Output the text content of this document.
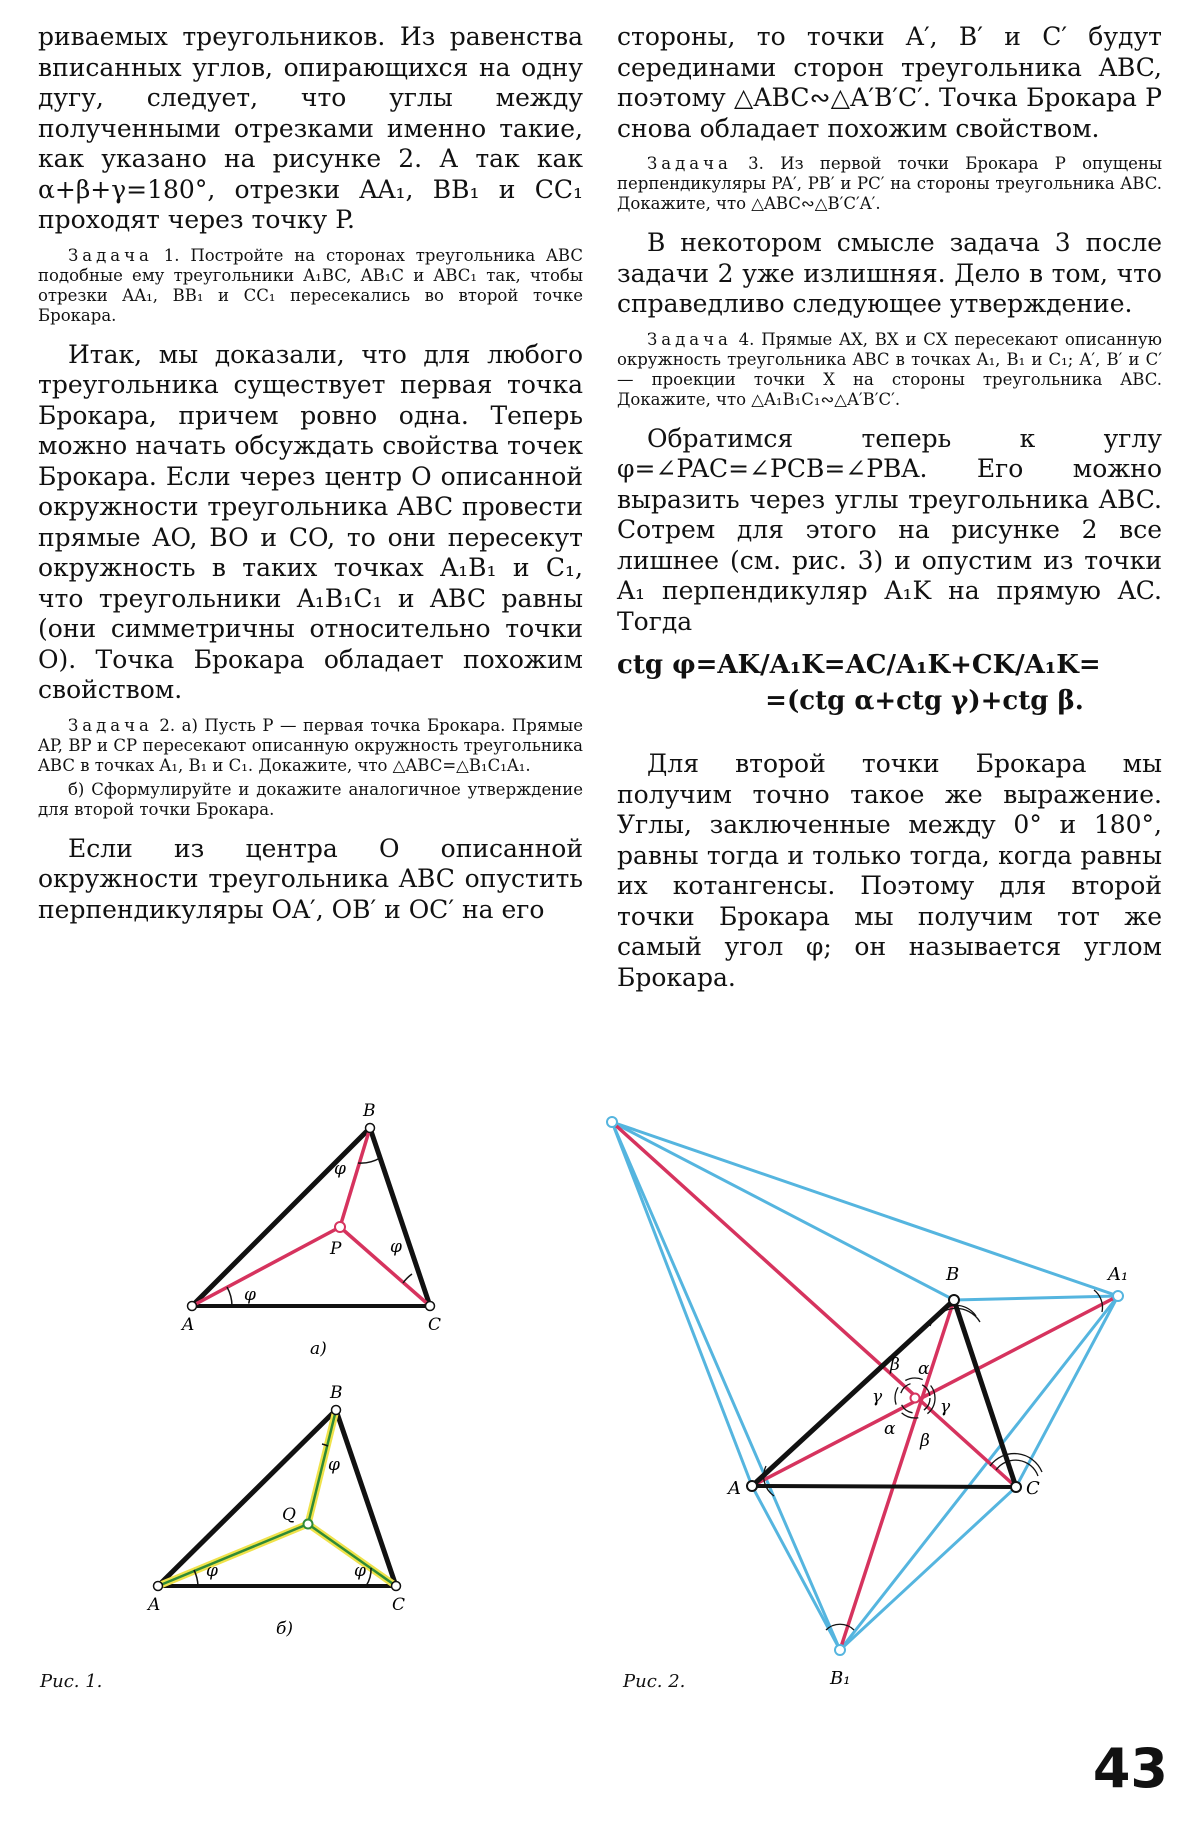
риваемых треугольников. Из равенства вписанных углов, опирающихся на одну дугу, следует, что углы между полученными отрезками именно такие, как указано на рисунке 2. А так как α+β+γ=180°, отрезки AA₁, BB₁ и CC₁ проходят через точку P.

Задача 1. Постройте на сторонах треугольника ABC подобные ему треугольники A₁BC, AB₁C и ABC₁ так, чтобы отрезки AA₁, BB₁ и CC₁ пересекались во второй точке Брокара.

Итак, мы доказали, что для любого треугольника существует первая точка Брокара, причем ровно одна. Теперь можно начать обсуждать свойства точек Брокара. Если через центр O описанной окружности треугольника ABC провести прямые AO, BO и CO, то они пересекут окружность в таких точках A₁B₁ и C₁, что треугольники A₁B₁C₁ и ABC равны (они симметричны относительно точки O). Точка Брокара обладает похожим свойством.

Задача 2. а) Пусть P — первая точка Брокара. Прямые AP, BP и CP пересекают описанную окружность треугольника ABC в точках A₁, B₁ и C₁. Докажите, что △ABC=△B₁C₁A₁.

б) Сформулируйте и докажите аналогичное утверждение для второй точки Брокара.

Если из центра O описанной окружности треугольника ABC опустить перпендикуляры OA′, OB′ и OC′ на его

стороны, то точки A′, B′ и C′ будут серединами сторон треугольника ABC, поэтому △ABC∾△A′B′C′. Точка Брокара P снова обладает похожим свойством.

Задача 3. Из первой точки Брокара P опущены перпендикуляры PA′, PB′ и PC′ на стороны треугольника ABC. Докажите, что △ABC∾△B′C′A′.

В некотором смысле задача 3 после задачи 2 уже излишняя. Дело в том, что справедливо следующее утверждение.

Задача 4. Прямые AX, BX и CX пересекают описанную окружность треугольника ABC в точках A₁, B₁ и C₁; A′, B′ и C′ — проекции точки X на стороны треугольника ABC. Докажите, что △A₁B₁C₁∾△A′B′C′.

Обратимся теперь к углу φ=∠PAC=∠PCB=∠PBA. Его можно выразить через углы треугольника ABC. Сотрем для этого на рисунке 2 все лишнее (см. рис. 3) и опустим из точки A₁ перпендикуляр A₁K на прямую AC. Тогда

ctg φ=AK/A₁K=AC/A₁K+CK/A₁K=
=(ctg α+ctg γ)+ctg β.

Для второй точки Брокара мы получим точно такое же выражение. Углы, заключенные между 0° и 180°, равны тогда и только тогда, когда равны их котангенсы. Поэтому для второй точки Брокара мы получим тот же самый угол φ; он называется углом Брокара.

A
B
C
P
φ
φ
φ
а)
A
B
C
Q
φ
φ
φ
б)
A
B
C
A₁
B₁
α
α
β
β
γ	γ
Рис. 1.	Рис. 2.
43
